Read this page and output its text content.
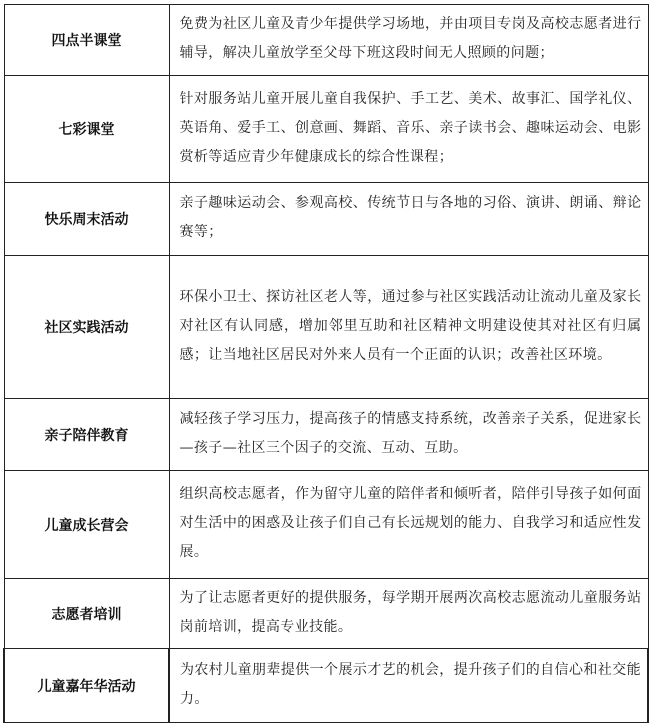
四点半课堂	免费为社区儿童及青少年提供学习场地，并由项目专岗及高校志愿者进行辅导，解决儿童放学至父母下班这段时间无人照顾的问题；
七彩课堂	针对服务站儿童开展儿童自我保护、手工艺、美术、故事汇、国学礼仪、英语角、爱手工、创意画、舞蹈、音乐、亲子读书会、趣味运动会、电影赏析等适应青少年健康成长的综合性课程；
快乐周末活动	亲子趣味运动会、参观高校、传统节日与各地的习俗、演讲、朗诵、辩论赛等；
社区实践活动	环保小卫士、探访社区老人等，通过参与社区实践活动让流动儿童及家长对社区有认同感，增加邻里互助和社区精神文明建设使其对社区有归属感；让当地社区居民对外来人员有一个正面的认识；改善社区环境。
亲子陪伴教育	减轻孩子学习压力，提高孩子的情感支持系统，改善亲子关系，促进家长—孩子—社区三个因子的交流、互动、互助。
儿童成长营会	组织高校志愿者，作为留守儿童的陪伴者和倾听者，陪伴引导孩子如何面对生活中的困惑及让孩子们自己有长远规划的能力、自我学习和适应性发展。
志愿者培训	为了让志愿者更好的提供服务，每学期开展两次高校志愿流动儿童服务站岗前培训，提高专业技能。
儿童嘉年华活动	为农村儿童朋辈提供一个展示才艺的机会，提升孩子们的自信心和社交能力。
